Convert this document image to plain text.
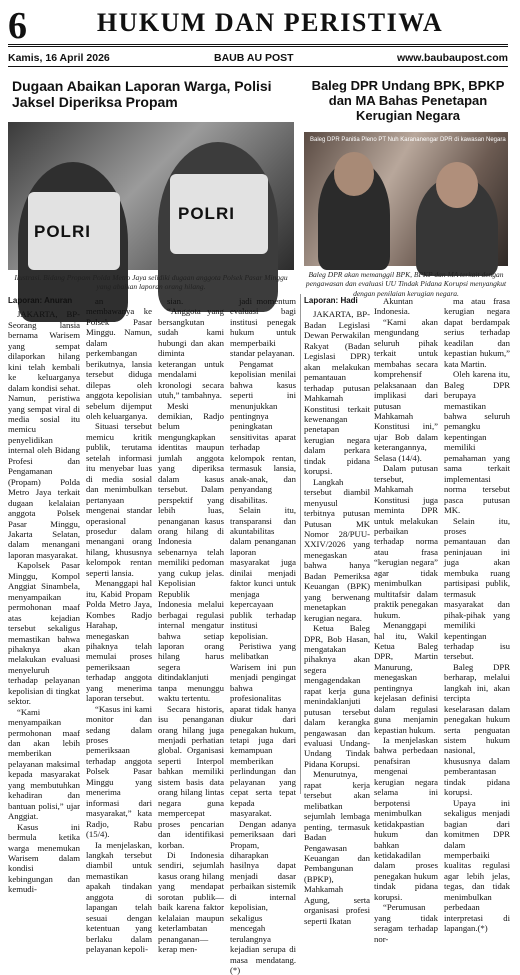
6	HUKUM DAN PERISTIWA
Kamis, 16 April 2026	BAUB AU POST	www.baubaupost.com
Dugaan Abaikan Laporan Warga, Polisi Jaksel Diperiksa Propam
POLRI
POLRI
Ilustrasi. Bidang Propam Polda Metro Jaya selidiki dugaan anggota Polsek Pasar Minggu yang abaikan laporan orang hilang.

Laporan: Anuran

JAKARTA, BP-Seorang lansia bernama Warisem yang sempat dilaporkan hilang kini telah kembali ke keluarganya dalam kondisi sehat. Namun, peristiwa yang sempat viral di media sosial itu memicu penyelidikan internal oleh Bidang Profesi dan Pengamanan (Propam) Polda Metro Jaya terkait dugaan kelalaian anggota Polsek Pasar Minggu, Jakarta Selatan, dalam menangani laporan masyarakat.

Kapolsek Pasar Minggu, Kompol Anggiat Sinambela, menyampaikan permohonan maaf atas kejadian tersebut sekaligus memastikan bahwa pihaknya akan melakukan evaluasi menyeluruh terhadap pelayanan kepolisian di tingkat sektor.

“Kami menyampaikan permohonan maaf dan akan lebih memberikan pelayanan maksimal kepada masyarakat yang membutuhkan kehadiran dan bantuan polisi,” ujar Anggiat.

Kasus ini bermula ketika warga menemukan Warisem dalam kondisi kebingungan dan kemudi-

an membawanya ke Polsek Pasar Minggu. Namun, dalam perkembangan berikutnya, lansia tersebut diduga dilepas oleh anggota kepolisian sebelum dijemput oleh keluarganya.

Situasi tersebut memicu kritik publik, terutama setelah informasi itu menyebar luas di media sosial dan menimbulkan pertanyaan mengenai standar operasional prosedur dalam menangani orang hilang, khususnya kelompok rentan seperti lansia.

Menanggapi hal itu, Kabid Propam Polda Metro Jaya, Kombes Radjo Harahap, menegaskan pihaknya telah memulai proses pemeriksaan terhadap anggota yang menerima laporan tersebut.

“Kasus ini kami monitor dan sedang dalam proses pemeriksaan terhadap anggota Polsek Pasar Minggu yang menerima informasi dari masyarakat,” kata Radjo, Rabu (15/4).

Ia menjelaskan, langkah tersebut diambil untuk memastikan apakah tindakan anggota di lapangan telah sesuai dengan ketentuan yang berlaku dalam pelayanan kepoli-

sian.

“Anggota yang bersangkutan sudah kami hubungi dan akan diminta keterangan untuk mendalami kronologi secara utuh,” tambahnya.

Meski demikian, Radjo belum mengungkapkan identitas maupun jumlah anggota yang diperiksa dalam kasus tersebut. Dalam perspektif yang lebih luas, penanganan kasus orang hilang di Indonesia sebenarnya telah memiliki pedoman yang cukup jelas. Kepolisian Republik Indonesia melalui berbagai regulasi internal mengatur bahwa setiap laporan orang hilang harus segera ditindaklanjuti tanpa menunggu waktu tertentu.

Secara historis, isu penanganan orang hilang juga menjadi perhatian global. Organisasi seperti Interpol bahkan memiliki sistem basis data orang hilang lintas negara guna mempercepat proses pencarian dan identifikasi korban.

Di Indonesia sendiri, sejumlah kasus orang hilang yang mendapat sorotan publik—baik karena faktor kelalaian maupun keterlambatan penanganan—kerap men-

jadi momentum evaluasi bagi institusi penegak hukum untuk memperbaiki standar pelayanan.

Pengamat kepolisian menilai bahwa kasus seperti ini menunjukkan pentingnya peningkatan sensitivitas aparat terhadap kelompok rentan, termasuk lansia, anak-anak, dan penyandang disabilitas.

Selain itu, transparansi dan akuntabilitas dalam penanganan laporan masyarakat juga dinilai menjadi faktor kunci untuk menjaga kepercayaan publik terhadap institusi kepolisian.

Peristiwa yang melibatkan Warisem ini pun menjadi pengingat bahwa profesionalitas aparat tidak hanya diukur dari penegakan hukum, tetapi juga dari kemampuan memberikan perlindungan dan pelayanan yang cepat serta tepat kepada masyarakat.

Dengan adanya pemeriksaan dari Propam, diharapkan hasilnya dapat menjadi dasar perbaikan sistemik di internal kepolisian, sekaligus mencegah terulangnya kejadian serupa di masa mendatang. (*)

Baleg DPR Undang BPK, BPKP dan MA Bahas Penetapan Kerugian Negara
Baleg DPR Panitia Pleno PT Nuh Karananengar DPR di kawasan Negara
Baleg DPR akan memanggil BPK, BPKP dan MA terkait dengan pengawasan dan evaluasi UU Tindak Pidana Korupsi menyangkut dengan penilaian kerugian negara.

Laporan: Hadi

JAKARTA, BP-Badan Legislasi Dewan Perwakilan Rakyat (Badan Legislasi DPR) akan melakukan pemantauan terhadap putusan Mahkamah Konstitusi terkait kewenangan penetapan kerugian negara dalam perkara tindak pidana korupsi.

Langkah tersebut diambil menyusul terbitnya putusan Putusan MK Nomor 28/PUU-XXIV/2026 yang menegaskan bahwa hanya Badan Pemeriksa Keuangan (BPK) yang berwenang menetapkan kerugian negara.

Ketua Baleg DPR, Bob Hasan, mengatakan pihaknya akan segera mengagendakan rapat kerja guna menindaklanjuti putusan tersebut dalam kerangka pengawasan dan evaluasi Undang-Undang Tindak Pidana Korupsi.

Menurutnya, rapat kerja tersebut akan melibatkan sejumlah lembaga penting, termasuk Badan Pengawasan Keuangan dan Pembangunan (BPKP), Mahkamah Agung, serta organisasi profesi seperti Ikatan

Akuntan Indonesia.

“Kami akan mengundang seluruh pihak terkait untuk membahas secara komprehensif pelaksanaan dan implikasi dari putusan Mahkamah Konstitusi ini,” ujar Bob dalam keterangannya, Selasa (14/4).

Dalam putusan tersebut, Mahkamah Konstitusi juga meminta DPR untuk melakukan perbaikan terhadap norma atau frasa “kerugian negara” agar tidak menimbulkan multitafsir dalam praktik penegakan hukum.

Menanggapi hal itu, Wakil Ketua Baleg DPR, Martin Manurung, menegaskan pentingnya kejelasan definisi dalam regulasi guna menjamin kepastian hukum.

Ia menjelaskan bahwa perbedaan penafsiran mengenai kerugian negara selama ini berpotensi menimbulkan ketidakpastian hukum dan bahkan ketidakadilan dalam proses penegakan hukum tindak pidana korupsi.

“Perumusan yang tidak seragam terhadap nor-

ma atau frasa kerugian negara dapat berdampak serius terhadap keadilan dan kepastian hukum,” kata Martin.

Oleh karena itu, Baleg DPR berupaya memastikan bahwa seluruh pemangku kepentingan memiliki pemahaman yang sama terkait implementasi norma tersebut pasca putusan MK.

Selain itu, proses pemantauan dan peninjauan ini juga akan membuka ruang partisipasi publik, termasuk masyarakat dan pihak-pihak yang memiliki kepentingan terhadap isu tersebut.

Baleg DPR berharap, melalui langkah ini, akan tercipta keselarasan dalam penegakan hukum serta penguatan sistem hukum nasional, khususnya dalam pemberantasan tindak pidana korupsi.

Upaya ini sekaligus menjadi bagian dari komitmen DPR dalam memperbaiki kualitas regulasi agar lebih jelas, tegas, dan tidak menimbulkan perbedaan interpretasi di lapangan.(*)
